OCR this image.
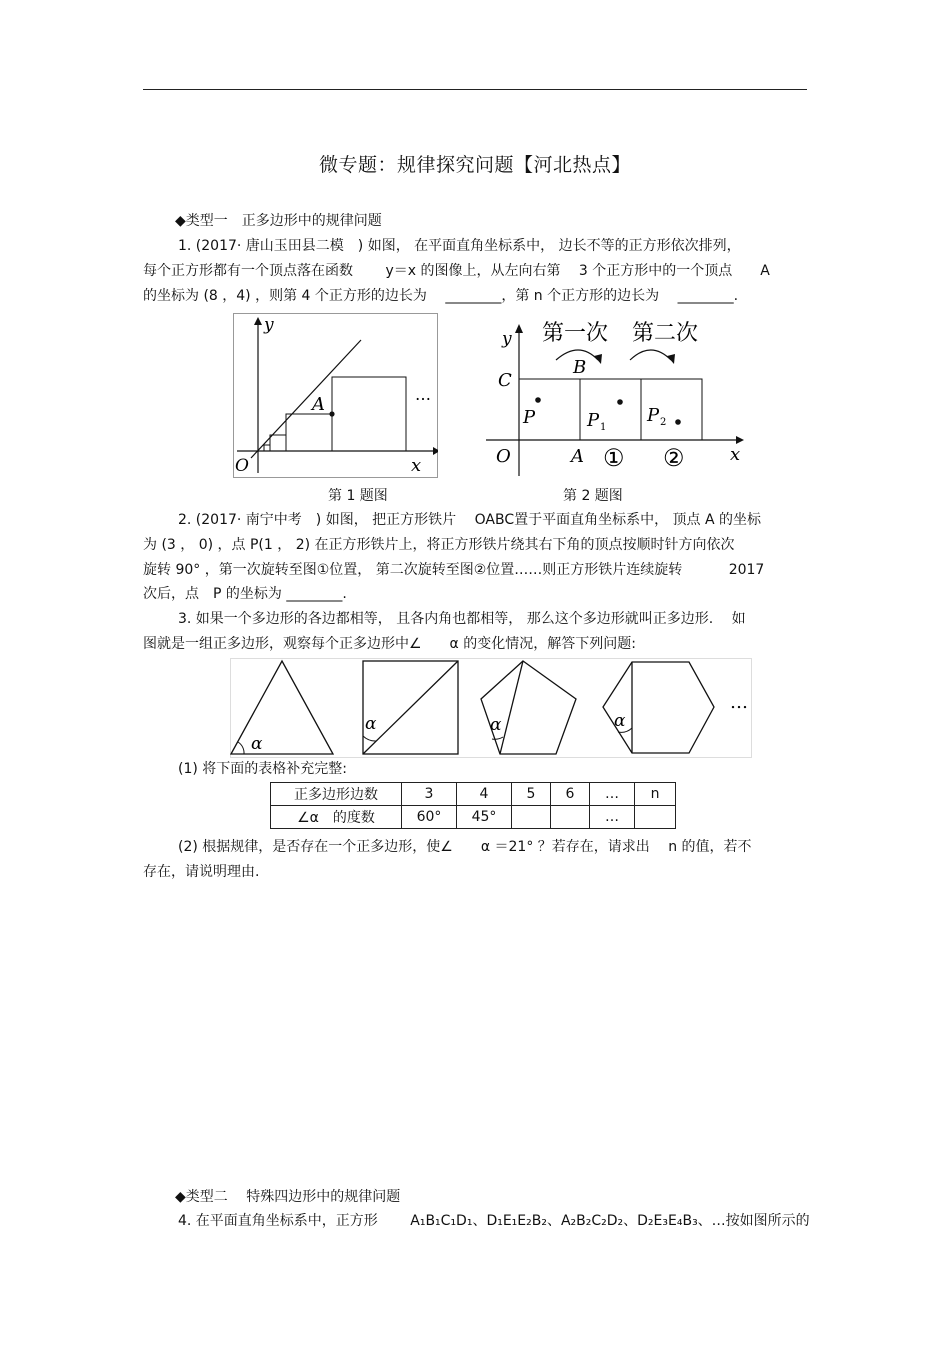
微专题：规律探究问题【河北热点】
◆类型一　正多边形中的规律问题
1. (2017· 唐山玉田县二模　) 如图， 在平面直角坐标系中， 边长不等的正方形依次排列，
每个正方形都有一个顶点落在函数　　 y＝x 的图像上，从左向右第　 3 个正方形中的一个顶点　　A
的坐标为 (8 ，4) ，则第 4 个正方形的边长为　 ________，第 n 个正方形的边长为　 ________.
A	…
y
x
O
第一次 第二次
B
C
y
P	P 1
P 2
O	A ① ②	x
第 1 题图	第 2 题图
2. (2017· 南宁中考　) 如图， 把正方形铁片　 OABC置于平面直角坐标系中， 顶点 A 的坐标
为 (3 ， 0) ，点 P(1 ， 2) 在正方形铁片上，将正方形铁片绕其右下角的顶点按顺时针方向依次
旋转 90° ，第一次旋转至图①位置， 第二次旋转至图②位置……则正方形铁片连续旋转　　　 2017
次后，点　P 的坐标为 ________.
3. 如果一个多边形的各边都相等， 且各内角也都相等， 那么这个多边形就叫正多边形.　 如
图就是一组正多边形，观察每个正多边形中∠　　α 的变化情况，解答下列问题:
α
α	α	α
…
(1) 将下面的表格补充完整:
正多边形边数	3	4	5	6	…	n
∠α　的度数	60°	45°			…	
(2) 根据规律，是否存在一个正多边形，使∠　　α ＝21° ？若存在，请求出　 n 的值，若不
存在，请说明理由.
◆类型二　 特殊四边形中的规律问题
4. 在平面直角坐标系中，正方形　　 A₁B₁C₁D₁、D₁E₁E₂B₂、A₂B₂C₂D₂、D₂E₃E₄B₃、…按如图所示的
